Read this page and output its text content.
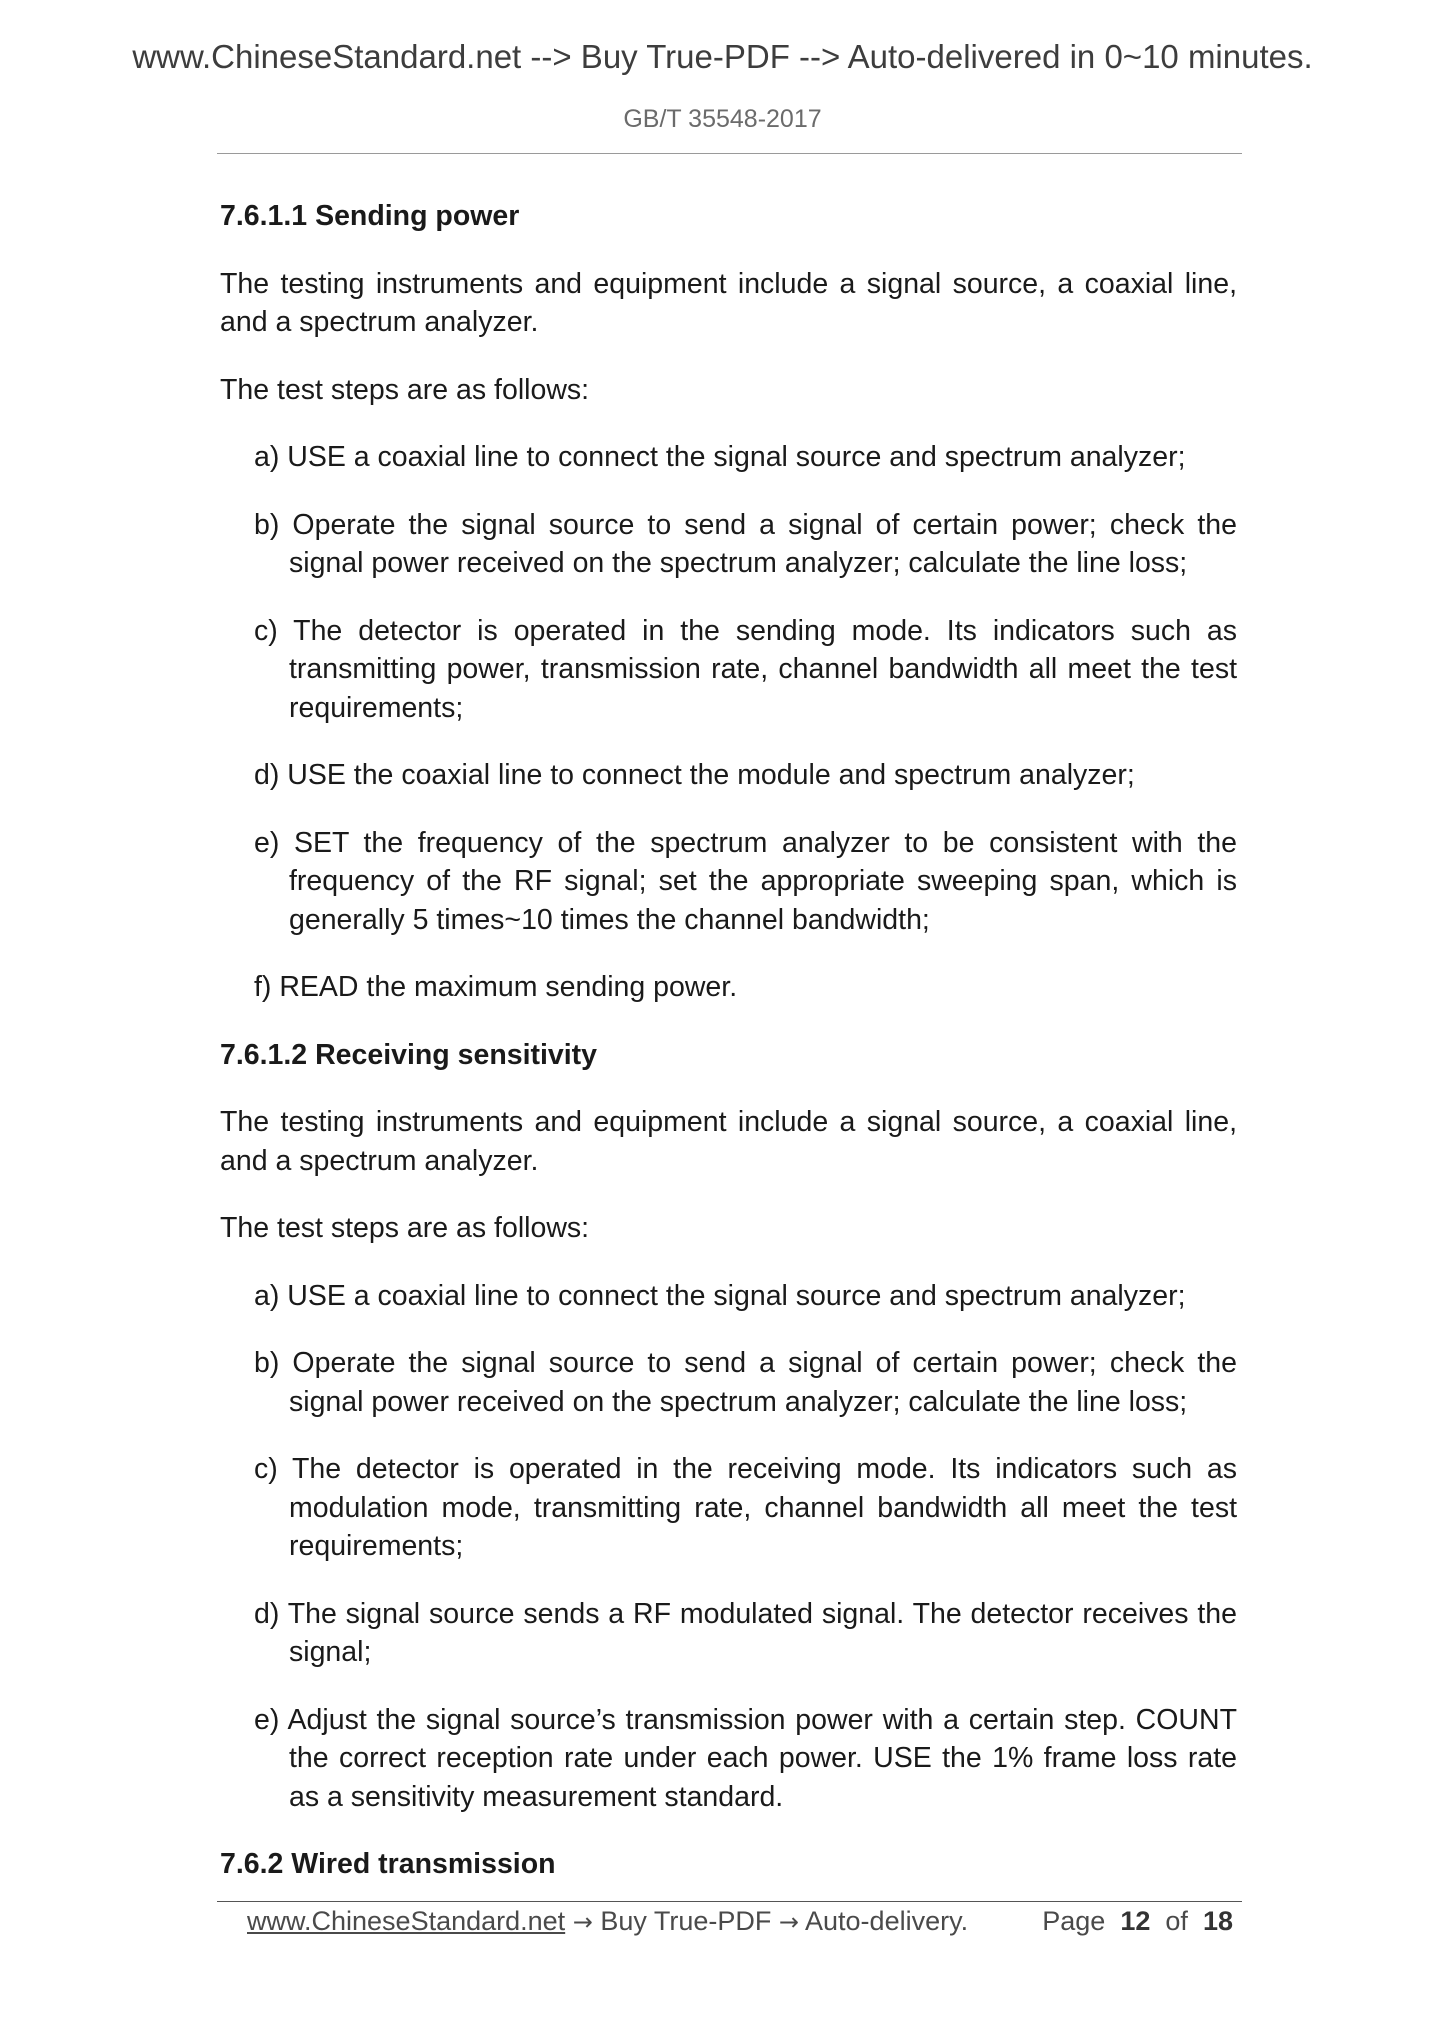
www.ChineseStandard.net --> Buy True-PDF --> Auto-delivered in 0~10 minutes.
GB/T 35548-2017
7.6.1.1 Sending power
The testing instruments and equipment include a signal source, a coaxial line, and a spectrum analyzer.
The test steps are as follows:
a) USE a coaxial line to connect the signal source and spectrum analyzer;
b) Operate the signal source to send a signal of certain power; check the signal power received on the spectrum analyzer; calculate the line loss;
c) The detector is operated in the sending mode. Its indicators such as transmitting power, transmission rate, channel bandwidth all meet the test requirements;
d) USE the coaxial line to connect the module and spectrum analyzer;
e) SET the frequency of the spectrum analyzer to be consistent with the frequency of the RF signal; set the appropriate sweeping span, which is generally 5 times~10 times the channel bandwidth;
f) READ the maximum sending power.
7.6.1.2 Receiving sensitivity
The testing instruments and equipment include a signal source, a coaxial line, and a spectrum analyzer.
The test steps are as follows:
a) USE a coaxial line to connect the signal source and spectrum analyzer;
b) Operate the signal source to send a signal of certain power; check the signal power received on the spectrum analyzer; calculate the line loss;
c) The detector is operated in the receiving mode. Its indicators such as modulation mode, transmitting rate, channel bandwidth all meet the test requirements;
d) The signal source sends a RF modulated signal. The detector receives the signal;
e) Adjust the signal source’s transmission power with a certain step. COUNT the correct reception rate under each power. USE the 1% frame loss rate as a sensitivity measurement standard.
7.6.2 Wired transmission
www.ChineseStandard.net → Buy True-PDF → Auto-delivery.	Page 12 of 18
